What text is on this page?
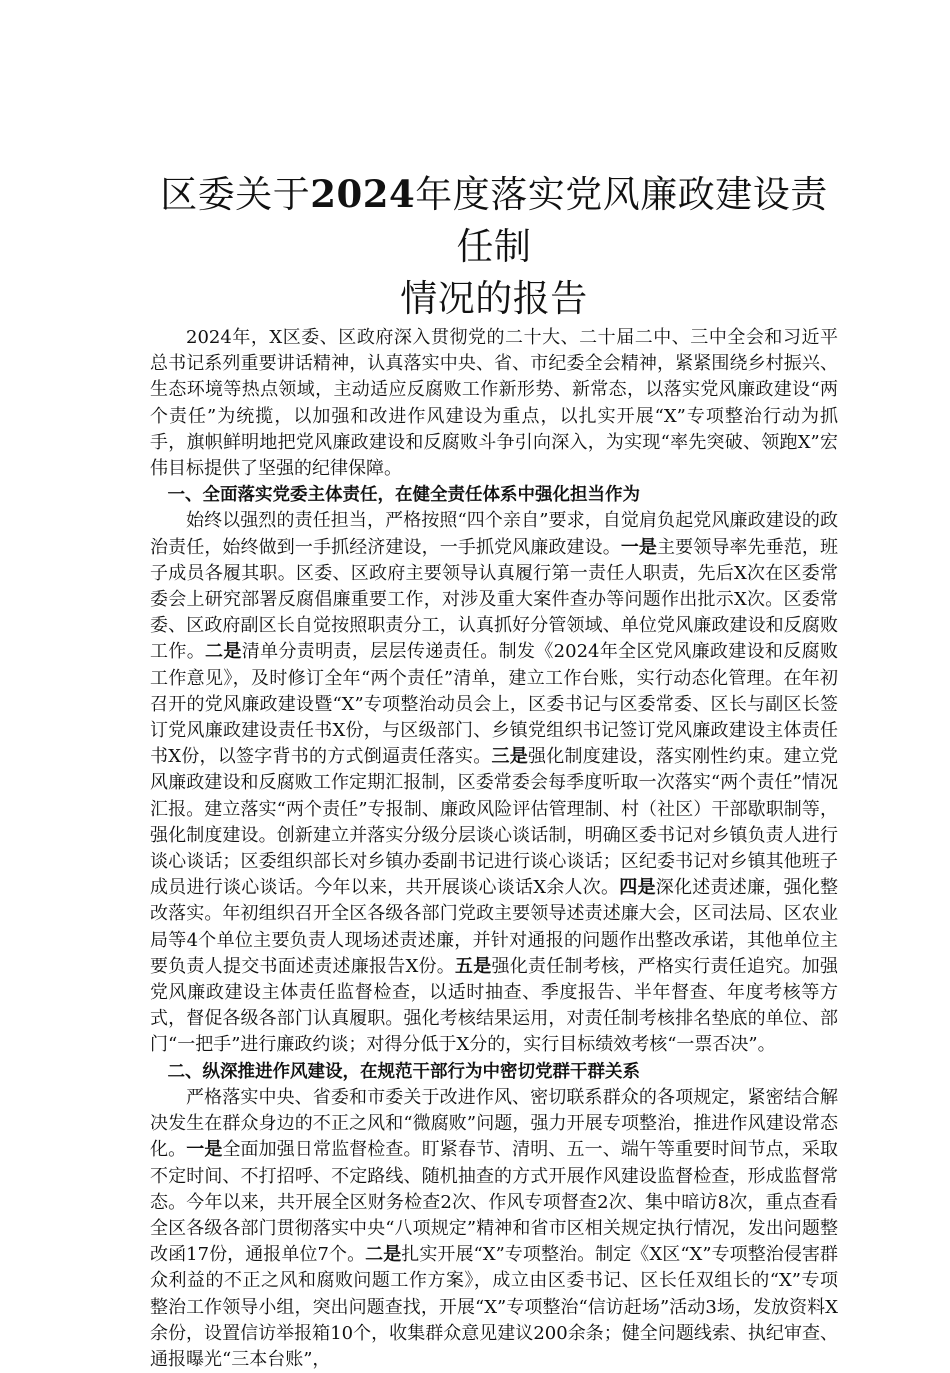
区委关于2024年度落实党风廉政建设责任制
情况的报告

2024年，X区委、区政府深入贯彻党的二十大、二十届二中、三中全会和习近平总书记系列重要讲话精神，认真落实中央、省、市纪委全会精神，紧紧围绕乡村振兴、生态环境等热点领域，主动适应反腐败工作新形势、新常态，以落实党风廉政建设“两个责任”为统揽，以加强和改进作风建设为重点，以扎实开展“X”专项整治行动为抓手，旗帜鲜明地把党风廉政建设和反腐败斗争引向深入，为实现“率先突破、领跑X”宏伟目标提供了坚强的纪律保障。

一、全面落实党委主体责任，在健全责任体系中强化担当作为

始终以强烈的责任担当，严格按照“四个亲自”要求，自觉肩负起党风廉政建设的政治责任，始终做到一手抓经济建设，一手抓党风廉政建设。一是主要领导率先垂范，班子成员各履其职。区委、区政府主要领导认真履行第一责任人职责，先后X次在区委常委会上研究部署反腐倡廉重要工作，对涉及重大案件查办等问题作出批示X次。区委常委、区政府副区长自觉按照职责分工，认真抓好分管领域、单位党风廉政建设和反腐败工作。二是清单分责明责，层层传递责任。制发《2024年全区党风廉政建设和反腐败工作意见》，及时修订全年“两个责任”清单，建立工作台账，实行动态化管理。在年初召开的党风廉政建设暨“X”专项整治动员会上，区委书记与区委常委、区长与副区长签订党风廉政建设责任书X份，与区级部门、乡镇党组织书记签订党风廉政建设主体责任书X份，以签字背书的方式倒逼责任落实。三是强化制度建设，落实刚性约束。建立党风廉政建设和反腐败工作定期汇报制，区委常委会每季度听取一次落实“两个责任”情况汇报。建立落实“两个责任”专报制、廉政风险评估管理制、村（社区）干部歇职制等，强化制度建设。创新建立并落实分级分层谈心谈话制，明确区委书记对乡镇负责人进行谈心谈话；区委组织部长对乡镇办委副书记进行谈心谈话；区纪委书记对乡镇其他班子成员进行谈心谈话。今年以来，共开展谈心谈话X余人次。四是深化述责述廉，强化整改落实。年初组织召开全区各级各部门党政主要领导述责述廉大会，区司法局、区农业局等4个单位主要负责人现场述责述廉，并针对通报的问题作出整改承诺，其他单位主要负责人提交书面述责述廉报告X份。五是强化责任制考核，严格实行责任追究。加强党风廉政建设主体责任监督检查，以适时抽查、季度报告、半年督查、年度考核等方式，督促各级各部门认真履职。强化考核结果运用，对责任制考核排名垫底的单位、部门“一把手”进行廉政约谈；对得分低于X分的，实行目标绩效考核“一票否决”。

二、纵深推进作风建设，在规范干部行为中密切党群干群关系

严格落实中央、省委和市委关于改进作风、密切联系群众的各项规定，紧密结合解决发生在群众身边的不正之风和“微腐败”问题，强力开展专项整治，推进作风建设常态化。一是全面加强日常监督检查。盯紧春节、清明、五一、端午等重要时间节点，采取不定时间、不打招呼、不定路线、随机抽查的方式开展作风建设监督检查，形成监督常态。今年以来，共开展全区财务检查2次、作风专项督查2次、集中暗访8次，重点查看全区各级各部门贯彻落实中央“八项规定”精神和省市区相关规定执行情况，发出问题整改函17份，通报单位7个。二是扎实开展“X”专项整治。制定《X区“X”专项整治侵害群众利益的不正之风和腐败问题工作方案》，成立由区委书记、区长任双组长的“X”专项整治工作领导小组，突出问题查找，开展“X”专项整治“信访赶场”活动3场，发放资料X余份，设置信访举报箱10个，收集群众意见建议200余条；健全问题线索、执纪审查、通报曝光“三本台账”，
